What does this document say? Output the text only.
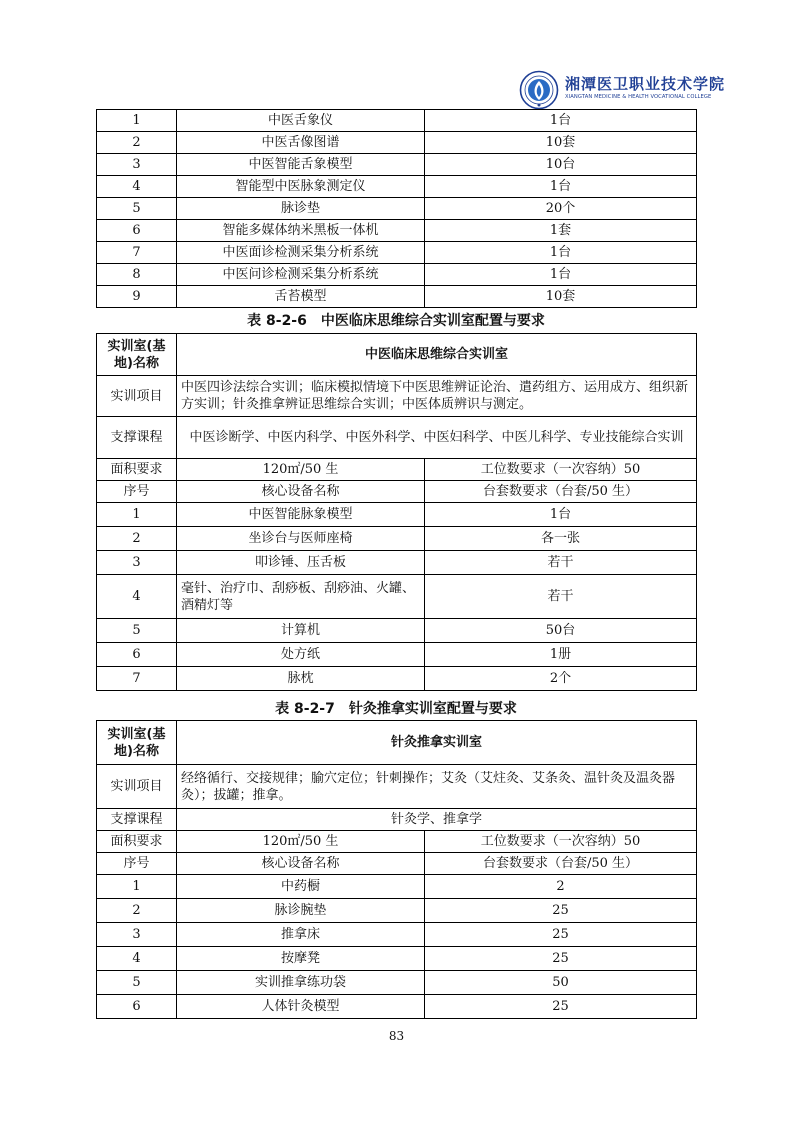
湘潭医卫职业技术学院
XIANGTAN MEDICINE & HEALTH VOCATIONAL COLLEGE
1	中医舌象仪	1台
2	中医舌像图谱	10套
3	中医智能舌象模型	10台
4	智能型中医脉象测定仪	1台
5	脉诊垫	20个
6	智能多媒体纳米黑板一体机	1套
7	中医面诊检测采集分析系统	1台
8	中医问诊检测采集分析系统	1台
9	舌苔模型	10套
表 8-2-6　中医临床思维综合实训室配置与要求
实训室(基地)名称	中医临床思维综合实训室	
实训项目	中医四诊法综合实训；临床模拟情境下中医思维辨证论治、遣药组方、运用成方、组织新方实训；针灸推拿辨证思维综合实训；中医体质辨识与测定。	
支撑课程	中医诊断学、中医内科学、中医外科学、中医妇科学、中医儿科学、专业技能综合实训	
面积要求	120㎡/50 生	工位数要求（一次容纳）50
序号	核心设备名称	台套数要求（台套/50 生）
1	中医智能脉象模型	1台
2	坐诊台与医师座椅	各一张
3	叩诊锤、压舌板	若干
4	毫针、治疗巾、刮痧板、刮痧油、火罐、酒精灯等	若干
5	计算机	50台
6	处方纸	1册
7	脉枕	2个
表 8-2-7　针灸推拿实训室配置与要求
实训室(基地)名称	针灸推拿实训室	
实训项目	经络循行、交接规律；腧穴定位；针刺操作；艾灸（艾炷灸、艾条灸、温针灸及温灸器灸）；拔罐；推拿。	
支撑课程	针灸学、推拿学	
面积要求	120㎡/50 生	工位数要求（一次容纳）50
序号	核心设备名称	台套数要求（台套/50 生）
1	中药橱	2
2	脉诊腕垫	25
3	推拿床	25
4	按摩凳	25
5	实训推拿练功袋	50
6	人体针灸模型	25
83
